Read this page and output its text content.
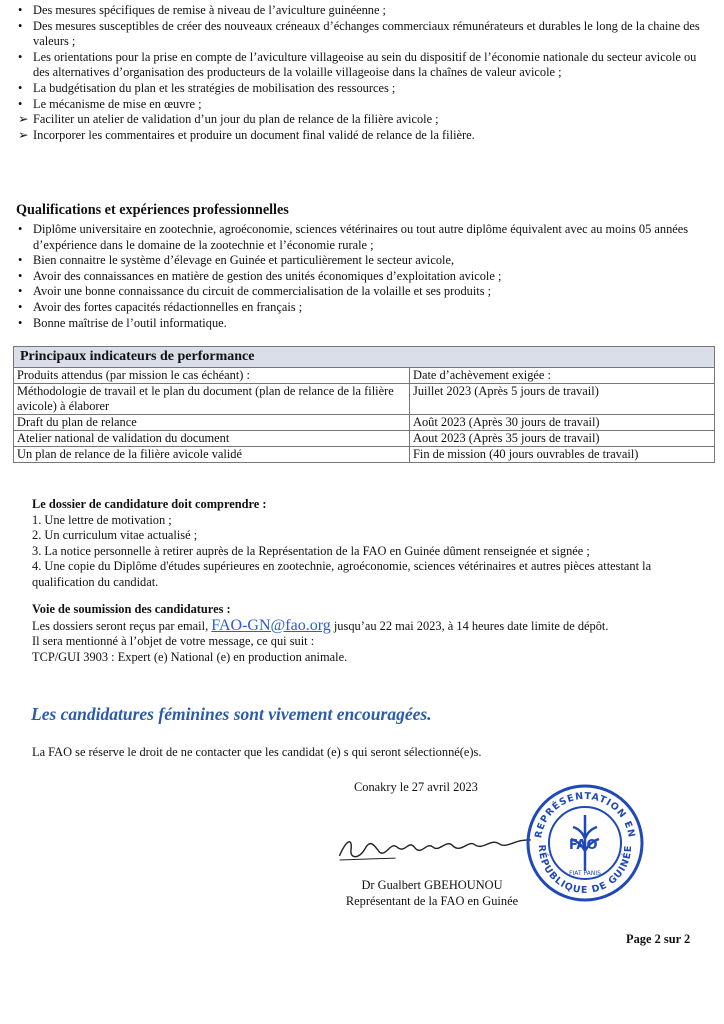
• Des mesures spécifiques de remise à niveau de l’aviculture guinéenne ;
• Des mesures susceptibles de créer des nouveaux créneaux d’échanges commerciaux rémunérateurs et durables le long de la chaine des valeurs ;
• Les orientations pour la prise en compte de l’aviculture villageoise au sein du dispositif de l’économie nationale du secteur avicole ou des alternatives d’organisation des producteurs de la volaille villageoise dans la chaînes de valeur avicole ;
• La budgétisation du plan et les stratégies de mobilisation des ressources ;
• Le mécanisme de mise en œuvre ;
➢ Faciliter un atelier de validation d’un jour du plan de relance de la filière avicole ;
➢ Incorporer les commentaires et produire un document final validé de relance de la filière.
Qualifications et expériences professionnelles
• Diplôme universitaire en zootechnie, agroéconomie, sciences vétérinaires ou tout autre diplôme équivalent avec au moins 05 années d’expérience dans le domaine de la zootechnie et l’économie rurale ;
• Bien connaitre le système d’élevage en Guinée et particulièrement le secteur avicole,
• Avoir des connaissances en matière de gestion des unités économiques d’exploitation avicole ;
• Avoir une bonne connaissance du circuit de commercialisation de la volaille et ses produits ;
• Avoir des fortes capacités rédactionnelles en français ;
• Bonne maîtrise de l’outil informatique.
Principaux indicateurs de performance	
Produits attendus (par mission le cas échéant) :	Date d’achèvement exigée :
Méthodologie de travail et le plan du document (plan de relance de la filière avicole) à élaborer	Juillet 2023 (Après 5 jours de travail)
Draft du plan de relance	Août 2023 (Après 30 jours de travail)
Atelier national de validation du document	Aout 2023 (Après 35 jours de travail)
Un plan de relance de la filière avicole validé	Fin de mission (40 jours ouvrables de travail)
Le dossier de candidature doit comprendre :
1. Une lettre de motivation ;
2. Un curriculum vitae actualisé ;
3. La notice personnelle à retirer auprès de la Représentation de la FAO en Guinée dûment renseignée et signée ;
4. Une copie du Diplôme d'études supérieures en zootechnie, agroéconomie, sciences vétérinaires et autres pièces attestant la qualification du candidat.
Voie de soumission des candidatures :
Les dossiers seront reçus par email, FAO-GN@fao.org jusqu’au 22 mai 2023, à 14 heures date limite de dépôt.
Il sera mentionné à l’objet de votre message, ce qui suit :
TCP/GUI 3903 : Expert (e) National (e) en production animale.
Les candidatures féminines sont vivement encouragées.
La FAO se réserve le droit de ne contacter que les candidat (e) s qui seront sélectionné(e)s.
Conakry le 27 avril 2023
REPRÉSENTATION EN
RÉPUBLIQUE DE GUINÉE
FAO
FIAT PANIS
Dr Gualbert GBEHOUNOU
Représentant de la FAO en Guinée
Page 2 sur 2
